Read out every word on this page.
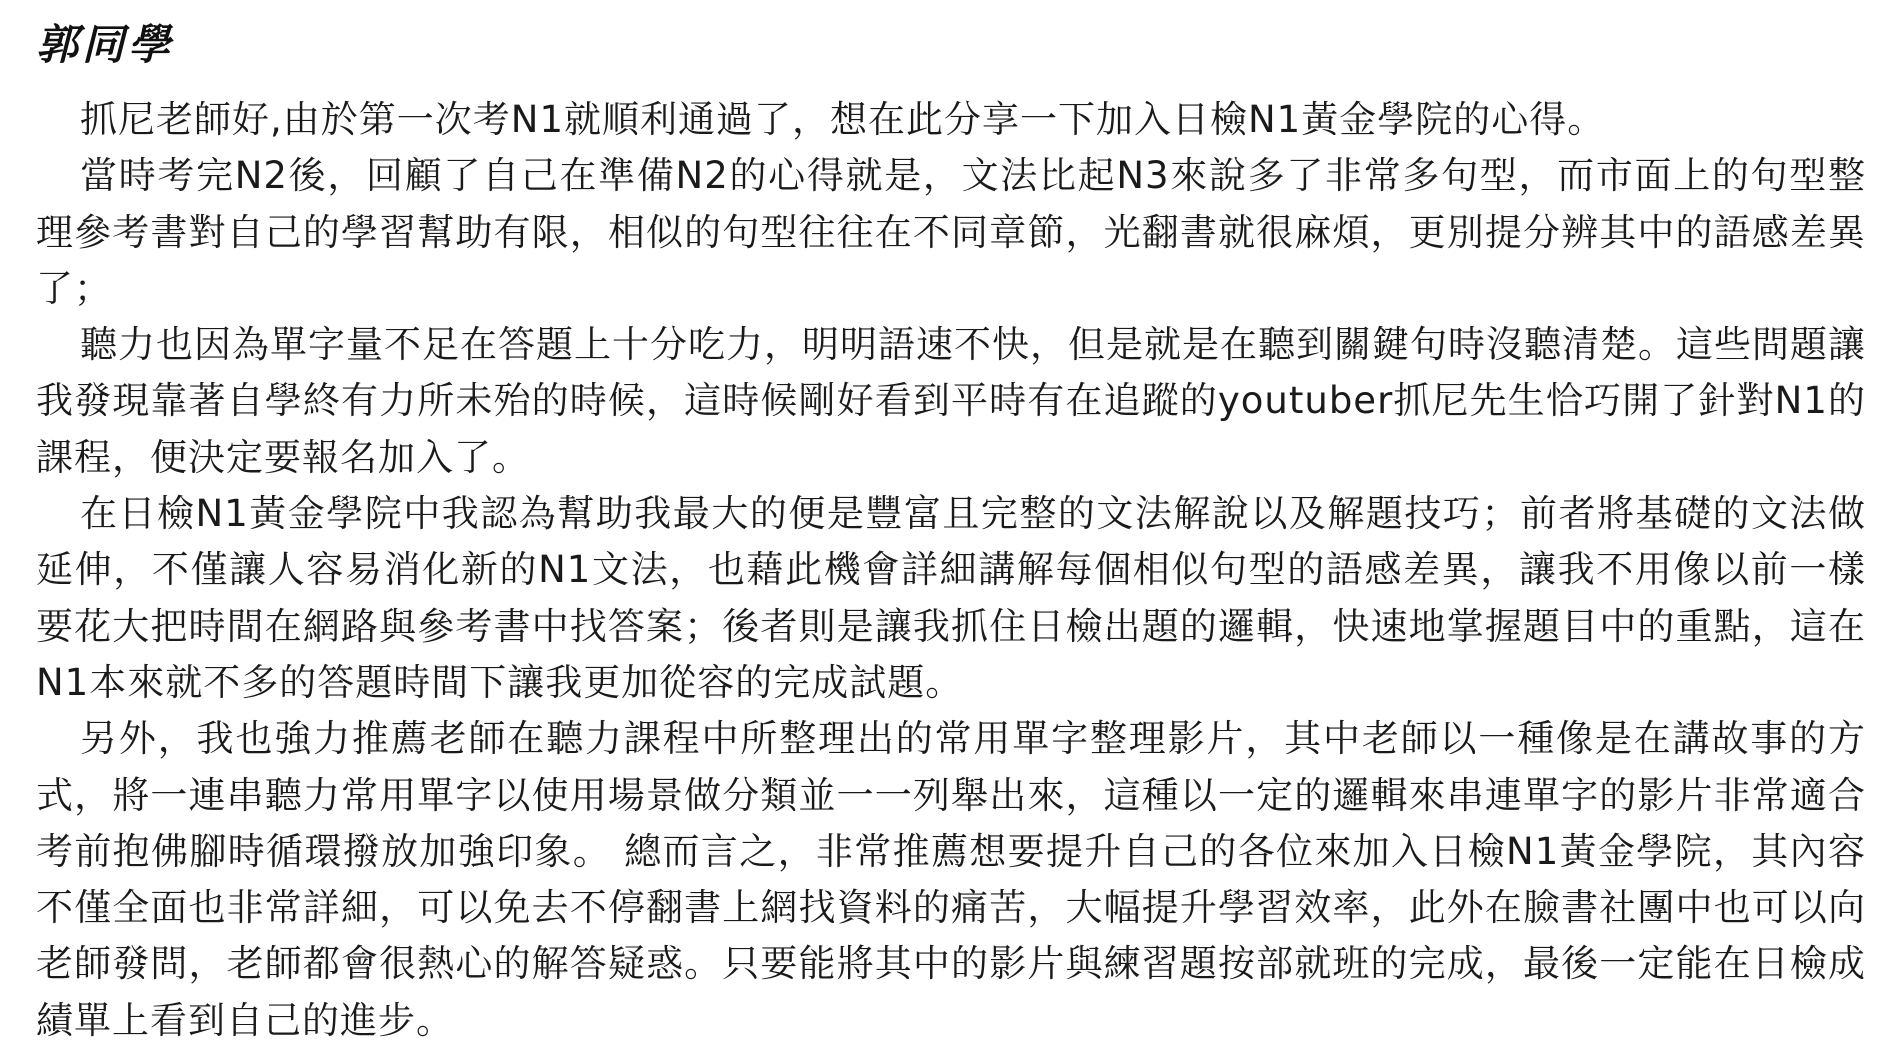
郭同學

抓尼老師好,由於第一次考N1就順利通過了，想在此分享一下加入日檢N1黃金學院的心得。

當時考完N2後，回顧了自己在準備N2的心得就是，文法比起N3來說多了非常多句型，而市面上的句型整理參考書對自己的學習幫助有限，相似的句型往往在不同章節，光翻書就很麻煩，更別提分辨其中的語感差異了；

聽力也因為單字量不足在答題上十分吃力，明明語速不快，但是就是在聽到關鍵句時沒聽清楚。這些問題讓我發現靠著自學終有力所未殆的時候，這時候剛好看到平時有在追蹤的youtuber抓尼先生恰巧開了針對N1的課程，便決定要報名加入了。

在日檢N1黃金學院中我認為幫助我最大的便是豐富且完整的文法解說以及解題技巧；前者將基礎的文法做延伸，不僅讓人容易消化新的N1文法，也藉此機會詳細講解每個相似句型的語感差異，讓我不用像以前一樣要花大把時間在網路與參考書中找答案；後者則是讓我抓住日檢出題的邏輯，快速地掌握題目中的重點，這在N1本來就不多的答題時間下讓我更加從容的完成試題。

另外，我也強力推薦老師在聽力課程中所整理出的常用單字整理影片，其中老師以一種像是在講故事的方式，將一連串聽力常用單字以使用場景做分類並一一列舉出來，這種以一定的邏輯來串連單字的影片非常適合考前抱佛腳時循環撥放加強印象。 總而言之，非常推薦想要提升自己的各位來加入日檢N1黃金學院，其內容不僅全面也非常詳細，可以免去不停翻書上網找資料的痛苦，大幅提升學習效率，此外在臉書社團中也可以向老師發問，老師都會很熱心的解答疑惑。只要能將其中的影片與練習題按部就班的完成，最後一定能在日檢成績單上看到自己的進步。
